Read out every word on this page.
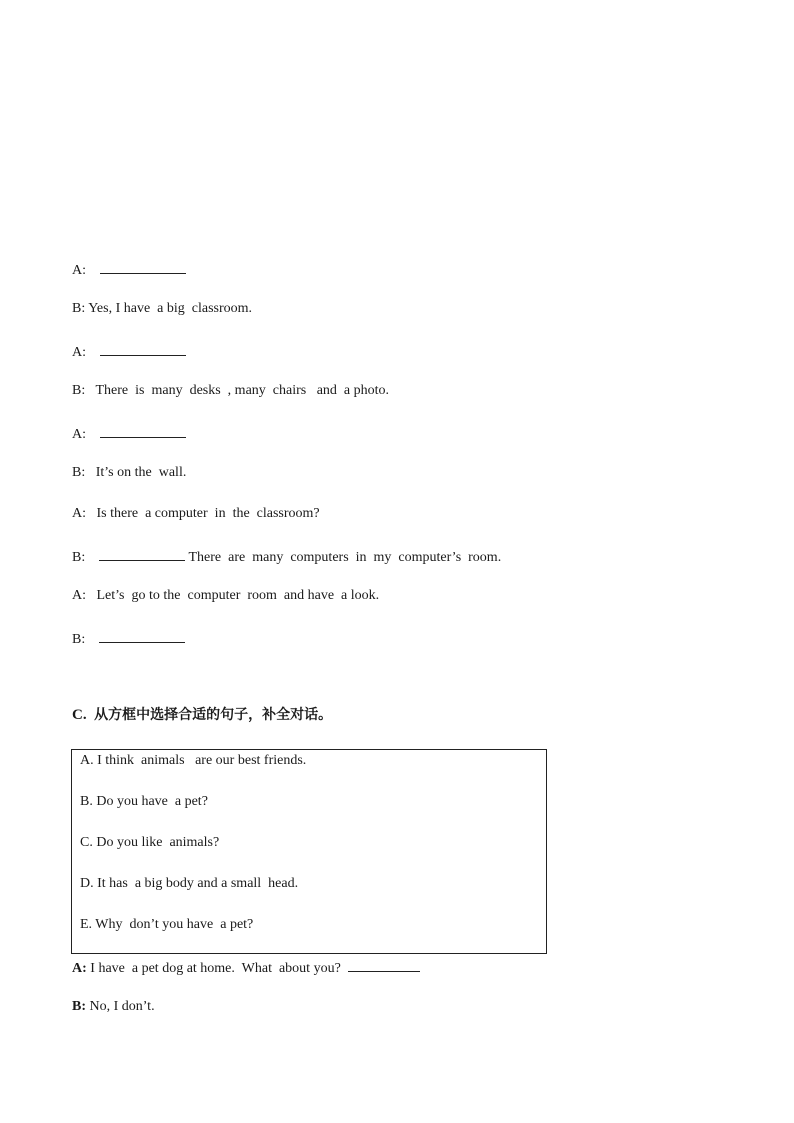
A:
B: Yes, I have  a big  classroom.
A:
B: There  is  many  desks  , many  chairs   and  a photo.
A:
B: It’s on the  wall.
A: Is there  a computer  in  the  classroom?
B:	There  are  many  computers  in  my  computer’s  room.
A: Let’s  go to the  computer  room  and have  a look.
B:
C. 从方框中选择合适的句子，补全对话。
A. I think  animals   are our best friends.
B. Do you have  a pet?
C. Do you like  animals?
D. It has  a big body and a small  head.
E. Why  don’t you have  a pet?
A: I have  a pet dog at home.  What  about you?
B: No, I don’t.
